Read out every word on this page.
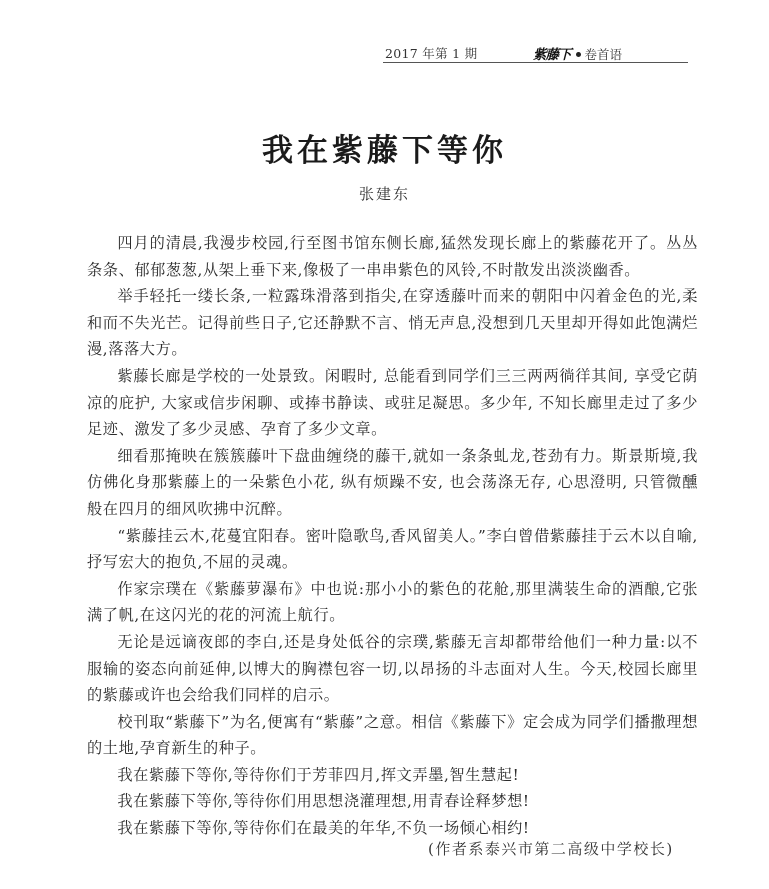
2017 年第 1 期	紫藤下 卷首语
我在紫藤下等你
张建东

四月的清晨,我漫步校园,行至图书馆东侧长廊,猛然发现长廊上的紫藤花开了。丛丛条条、郁郁葱葱,从架上垂下来,像极了一串串紫色的风铃,不时散发出淡淡幽香。

举手轻托一缕长条,一粒露珠滑落到指尖,在穿透藤叶而来的朝阳中闪着金色的光,柔和而不失光芒。记得前些日子,它还静默不言、悄无声息,没想到几天里却开得如此饱满烂漫,落落大方。

紫藤长廊是学校的一处景致。闲暇时, 总能看到同学们三三两两徜徉其间, 享受它荫凉的庇护, 大家或信步闲聊、或捧书静读、或驻足凝思。多少年, 不知长廊里走过了多少足迹、激发了多少灵感、孕育了多少文章。

细看那掩映在簇簇藤叶下盘曲缠绕的藤干,就如一条条虬龙,苍劲有力。斯景斯境,我仿佛化身那紫藤上的一朵紫色小花, 纵有烦躁不安, 也会荡涤无存, 心思澄明, 只管微醺般在四月的细风吹拂中沉醉。

“紫藤挂云木,花蔓宜阳春。密叶隐歌鸟,香风留美人。”李白曾借紫藤挂于云木以自喻,抒写宏大的抱负,不屈的灵魂。

作家宗璞在《紫藤萝瀑布》中也说:那小小的紫色的花舱,那里满装生命的酒酿,它张满了帆,在这闪光的花的河流上航行。

无论是远谪夜郎的李白,还是身处低谷的宗璞,紫藤无言却都带给他们一种力量:以不服输的姿态向前延伸,以博大的胸襟包容一切,以昂扬的斗志面对人生。今天,校园长廊里的紫藤或许也会给我们同样的启示。

校刊取“紫藤下”为名,便寓有“紫藤”之意。相信《紫藤下》定会成为同学们播撒理想的土地,孕育新生的种子。

我在紫藤下等你,等待你们于芳菲四月,挥文弄墨,智生慧起!

我在紫藤下等你,等待你们用思想浇灌理想,用青春诠释梦想!

我在紫藤下等你,等待你们在最美的年华,不负一场倾心相约!

(作者系泰兴市第二高级中学校长)
